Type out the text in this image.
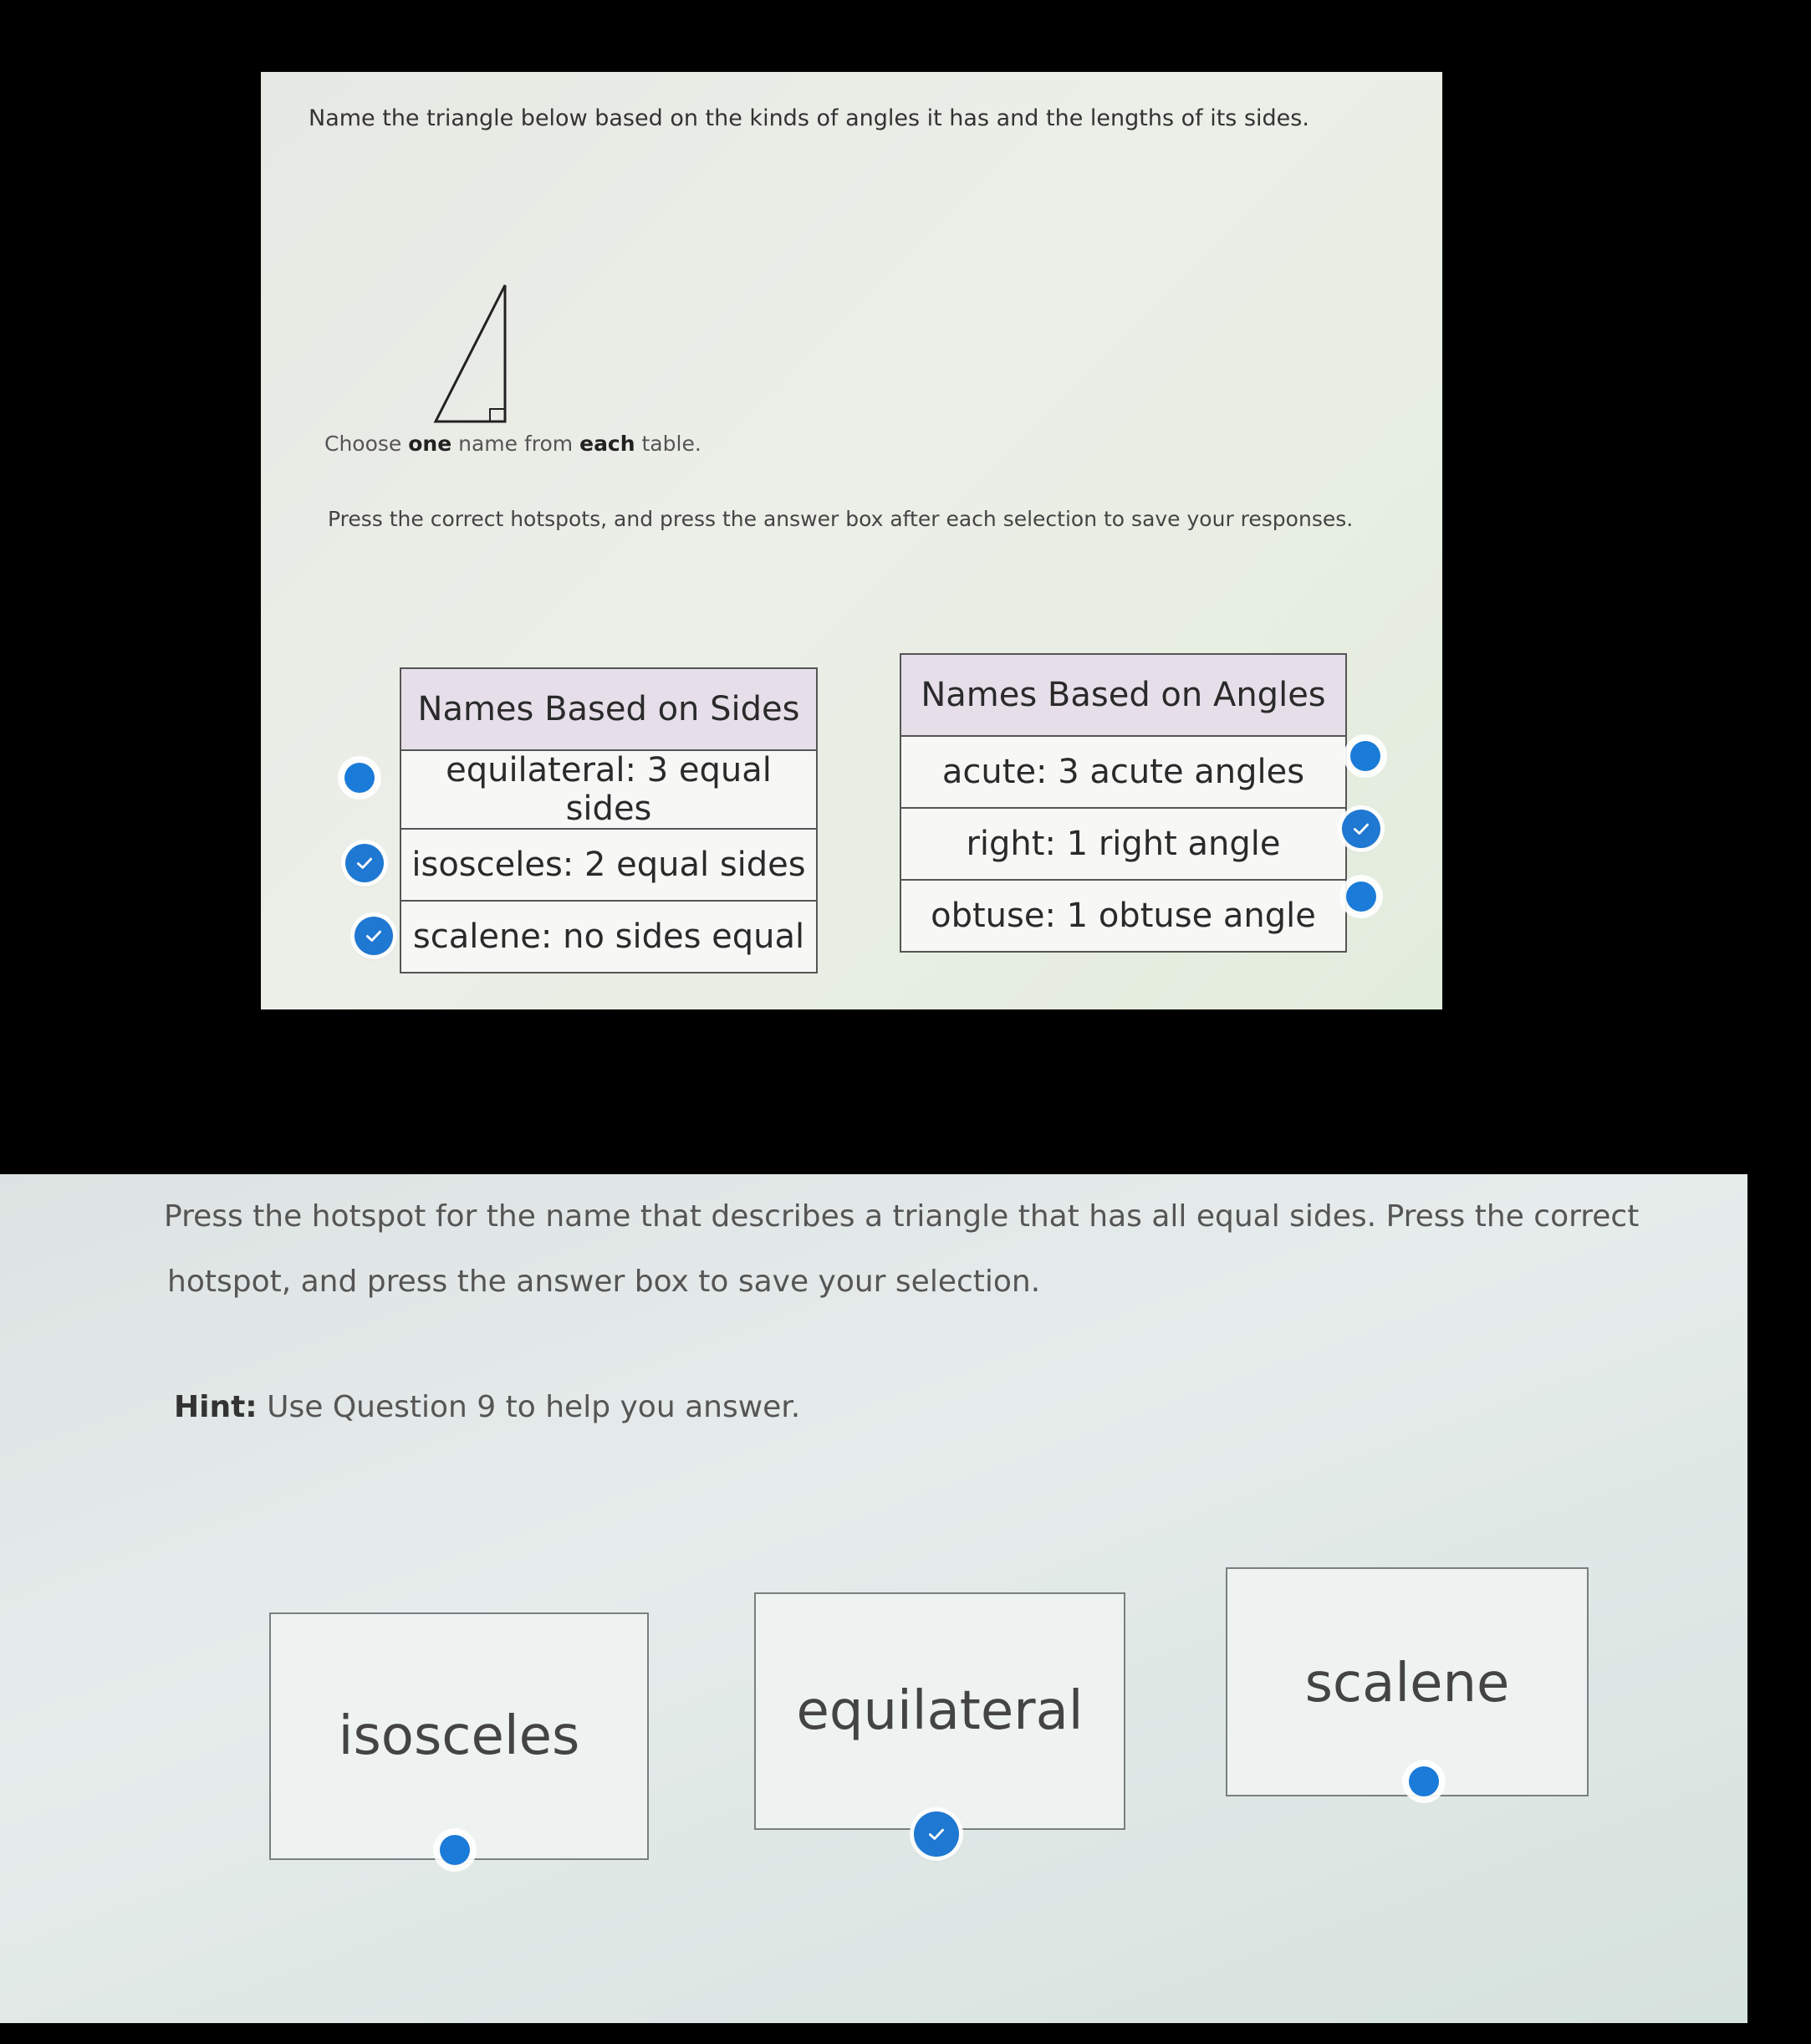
Name the triangle below based on the kinds of angles it has and the lengths of its sides.
Choose one name from each table.
Press the correct hotspots, and press the answer box after each selection to save your responses.
Names Based on Sides
equilateral: 3 equal sides
isosceles: 2 equal sides
scalene: no sides equal
Names Based on Angles
acute: 3 acute angles
right: 1 right angle
obtuse: 1 obtuse angle
Press the hotspot for the name that describes a triangle that has all equal sides. Press the correct
hotspot, and press the answer box to save your selection.
Hint: Use Question 9 to help you answer.
isosceles	equilateral	scalene
